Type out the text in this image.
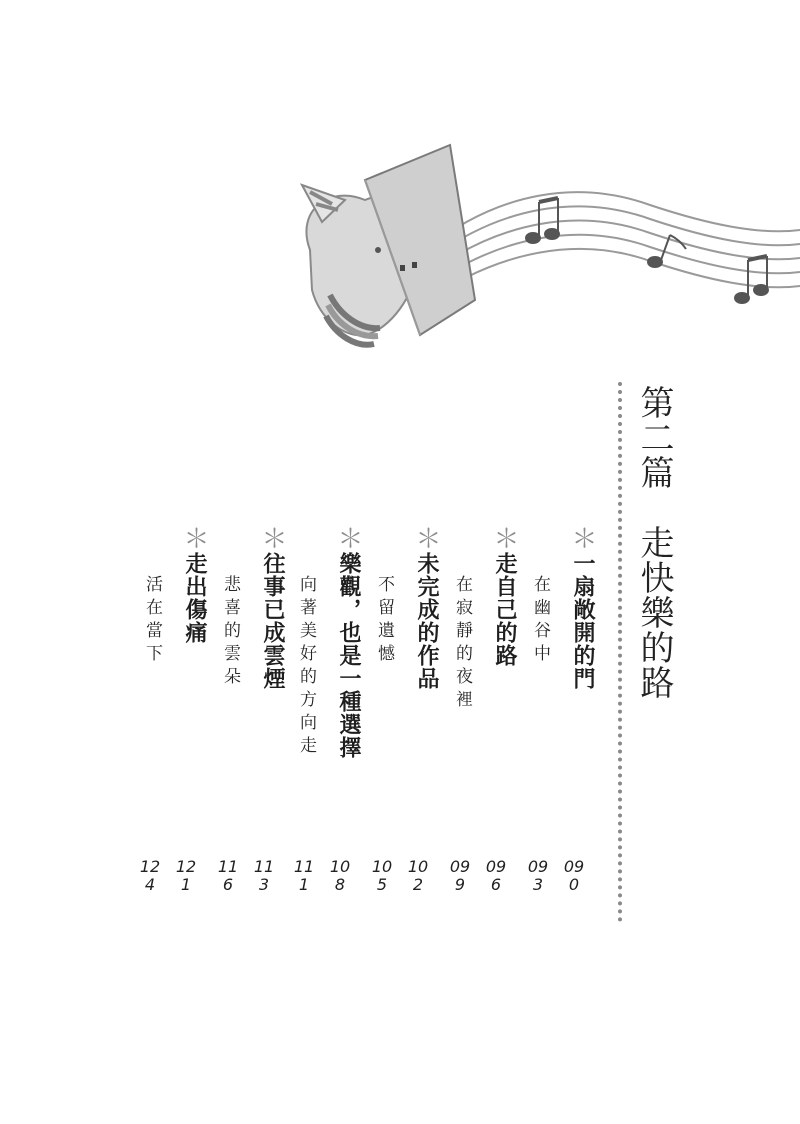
第二篇　走快樂的路
＊一扇敞開的門
在幽谷中
＊走自己的路
在寂靜的夜裡
＊未完成的作品
不留遺憾
＊樂觀，也是一種選擇
向著美好的方向走
＊往事已成雲煙
悲喜的雲朵
＊走出傷痛
活在當下
090
093
096
099
102
105
108
111
113
116
121
124
